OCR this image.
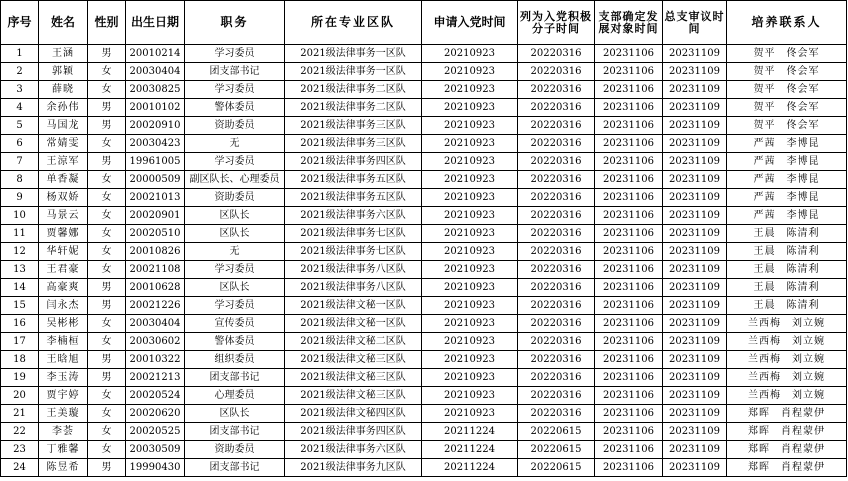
序号	姓名	性别	出生日期	职务	所在专业区队	申请入党时间	列为入党积极分子时间	支部确定发展对象时间	总支审议时间	培养联系人
1	王涵	男	20010214	学习委员	2021级法律事务一区队	20210923	20220316	20231106	20231109	贺平　佟会军
2	郭颖	女	20030404	团支部书记	2021级法律事务一区队	20210923	20220316	20231106	20231109	贺平　佟会军
3	薛晓	女	20030825	学习委员	2021级法律事务二区队	20210923	20220316	20231106	20231109	贺平　佟会军
4	余孙伟	男	20010102	警体委员	2021级法律事务二区队	20210923	20220316	20231106	20231109	贺平　佟会军
5	马国龙	男	20020910	资助委员	2021级法律事务三区队	20210923	20220316	20231106	20231109	贺平　佟会军
6	常婧雯	女	20030423	无	2021级法律事务三区队	20210923	20220316	20231106	20231109	严茜　李博昆
7	王涼军	男	19961005	学习委员	2021级法律事务四区队	20210923	20220316	20231106	20231109	严茜　李博昆
8	单香凝	女	20000509	副区队长、心理委员	2021级法律事务五区队	20210923	20220316	20231106	20231109	严茜　李博昆
9	杨双娇	女	20021013	资助委员	2021级法律事务五区队	20210923	20220316	20231106	20231109	严茜　李博昆
10	马景云	女	20020901	区队长	2021级法律事务六区队	20210923	20220316	20231106	20231109	严茜　李博昆
11	贾馨娜	女	20020510	区队长	2021级法律事务七区队	20210923	20220316	20231106	20231109	王晨　陈清利
12	华轩妮	女	20010826	无	2021级法律事务七区队	20210923	20220316	20231106	20231109	王晨　陈清利
13	王君豪	女	20021108	学习委员	2021级法律事务八区队	20210923	20220316	20231106	20231109	王晨　陈清利
14	高豪爽	男	20010628	区队长	2021级法律事务八区队	20210923	20220316	20231106	20231109	王晨　陈清利
15	闫永杰	男	20021226	学习委员	2021级法律文秘一区队	20210923	20220316	20231106	20231109	王晨　陈清利
16	吴彬彬	女	20030404	宣传委员	2021级法律文秘一区队	20210923	20220316	20231106	20231109	兰西梅　刘立婉
17	李楠桓	女	20030602	警体委员	2021级法律文秘二区队	20210923	20220316	20231106	20231109	兰西梅　刘立婉
18	王晗旭	男	20010322	组织委员	2021级法律文秘三区队	20210923	20220316	20231106	20231109	兰西梅　刘立婉
19	李玉涛	男	20021213	团支部书记	2021级法律文秘三区队	20210923	20220316	20231106	20231109	兰西梅　刘立婉
20	贾宇婷	女	20020524	心理委员	2021级法律文秘三区队	20210923	20220316	20231106	20231109	兰西梅　刘立婉
21	王美璇	女	20020620	区队长	2021级法律文秘四区队	20210923	20220316	20231106	20231109	郑晖　肖程蒙伊
22	李荟	女	20020525	团支部书记	2021级法律事务四区队	20211224	20220615	20231106	20231109	郑晖　肖程蒙伊
23	丁雅馨	女	20030509	资助委员	2021级法律事务六区队	20211224	20220615	20231106	20231109	郑晖　肖程蒙伊
24	陈昱希	男	19990430	团支部书记	2021级法律事务九区队	20211224	20220615	20231106	20231109	郑晖　肖程蒙伊
